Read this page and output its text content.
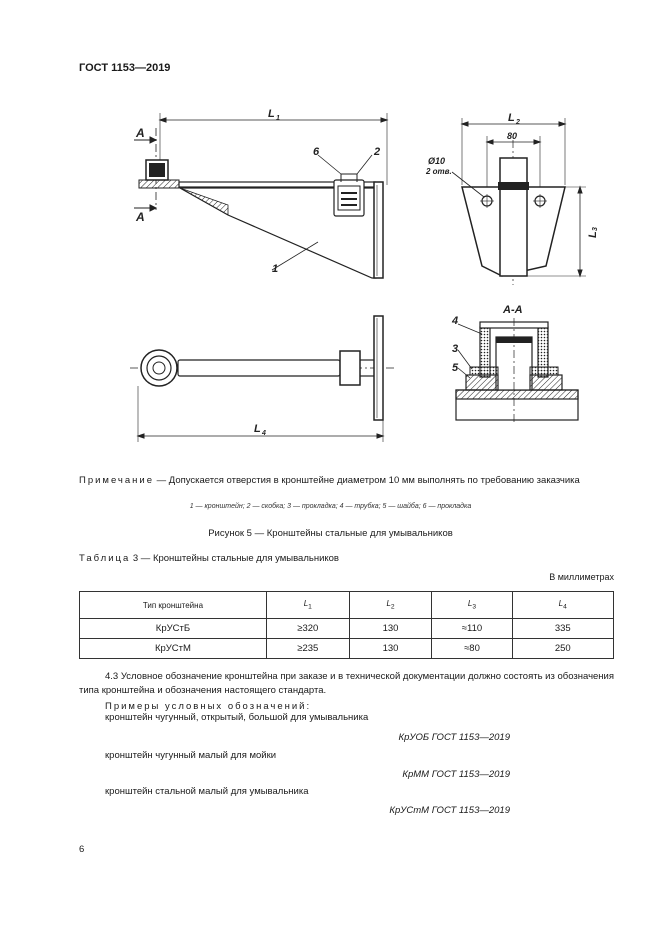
ГОСТ 1153—2019
А
А
А-А
L 1	L 2
80
Ø10
2 отв.
L
3
L 4
1
2
3
4
5
6
Примечание — Допускается отверстия в кронштейне диаметром 10 мм выполнять по требованию заказчика
1 — кронштейн; 2 — скобка; 3 — прокладка; 4 — трубка; 5 — шайба; 6 — прокладка
Рисунок 5 — Кронштейны стальные для умывальников
Таблица 3 — Кронштейны стальные для умывальников
В миллиметрах
Тип кронштейна	$L_1$	$L_2$	$L_3$	$L_4$
КрУСтБ	≥320	130	≈110	335
КрУСтМ	≥235	130	≈80	250
4.3 Условное обозначение кронштейна при заказе и в технической документации должно состоять из обозначения типа кронштейна и обозначения настоящего стандарта.
Примеры условных обозначений:
кронштейн чугунный, открытый, большой для умывальника
КрУОБ ГОСТ 1153—2019
кронштейн чугунный малый для мойки
КрММ ГОСТ 1153—2019
кронштейн стальной малый для умывальника
КрУСтМ ГОСТ 1153—2019
6
